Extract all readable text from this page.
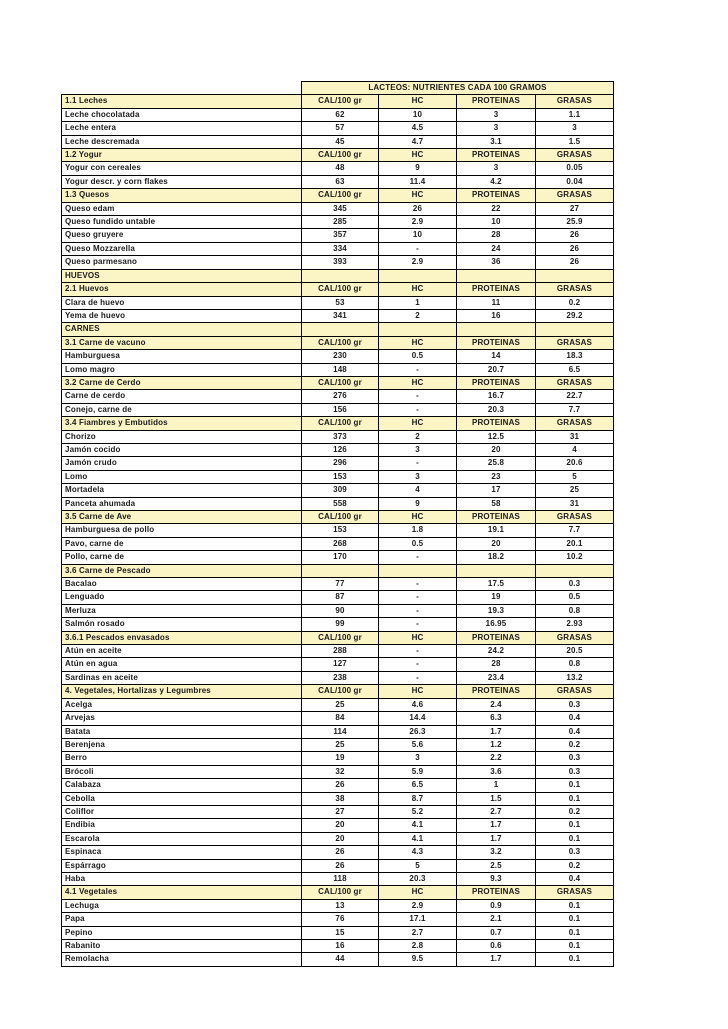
	LACTEOS: NUTRIENTES CADA 100 GRAMOS			
1.1 Leches	CAL/100 gr	HC	PROTEINAS	GRASAS
Leche chocolatada	62	10	3	1.1
Leche entera	57	4.5	3	3
Leche descremada	45	4.7	3.1	1.5
1.2 Yogur	CAL/100 gr	HC	PROTEINAS	GRASAS
Yogur con cereales	48	9	3	0.05
Yogur descr. y corn flakes	63	11.4	4.2	0.04
1.3 Quesos	CAL/100 gr	HC	PROTEINAS	GRASAS
Queso edam	345	26	22	27
Queso fundido untable	285	2.9	10	25.9
Queso gruyere	357	10	28	26
Queso Mozzarella	334	-	24	26
Queso parmesano	393	2.9	36	26
HUEVOS				
2.1 Huevos	CAL/100 gr	HC	PROTEINAS	GRASAS
Clara de huevo	53	1	11	0.2
Yema de huevo	341	2	16	29.2
CARNES				
3.1 Carne de vacuno	CAL/100 gr	HC	PROTEINAS	GRASAS
Hamburguesa	230	0.5	14	18.3
Lomo magro	148	-	20.7	6.5
3.2 Carne de Cerdo	CAL/100 gr	HC	PROTEINAS	GRASAS
Carne de cerdo	276	-	16.7	22.7
Conejo, carne de	156	-	20.3	7.7
3.4 Fiambres y Embutidos	CAL/100 gr	HC	PROTEINAS	GRASAS
Chorizo	373	2	12.5	31
Jamón cocido	126	3	20	4
Jamón crudo	296	-	25.8	20.6
Lomo	153	3	23	5
Mortadela	309	4	17	25
Panceta ahumada	558	9	58	31
3.5 Carne de Ave	CAL/100 gr	HC	PROTEINAS	GRASAS
Hamburguesa de pollo	153	1.8	19.1	7.7
Pavo, carne de	268	0.5	20	20.1
Pollo, carne de	170	-	18.2	10.2
3.6 Carne de Pescado				
Bacalao	77	-	17.5	0.3
Lenguado	87	-	19	0.5
Merluza	90	-	19.3	0.8
Salmón rosado	99	-	16.95	2.93
3.6.1 Pescados envasados	CAL/100 gr	HC	PROTEINAS	GRASAS
Atún en aceite	288	-	24.2	20.5
Atún en agua	127	-	28	0.8
Sardinas en aceite	238	-	23.4	13.2
4. Vegetales, Hortalizas y Legumbres	CAL/100 gr	HC	PROTEINAS	GRASAS
Acelga	25	4.6	2.4	0.3
Arvejas	84	14.4	6.3	0.4
Batata	114	26.3	1.7	0.4
Berenjena	25	5.6	1.2	0.2
Berro	19	3	2.2	0.3
Brócoli	32	5.9	3.6	0.3
Calabaza	26	6.5	1	0.1
Cebolla	38	8.7	1.5	0.1
Coliflor	27	5.2	2.7	0.2
Endibia	20	4.1	1.7	0.1
Escarola	20	4.1	1.7	0.1
Espinaca	26	4.3	3.2	0.3
Espárrago	26	5	2.5	0.2
Haba	118	20.3	9.3	0.4
4.1 Vegetales	CAL/100 gr	HC	PROTEINAS	GRASAS
Lechuga	13	2.9	0.9	0.1
Papa	76	17.1	2.1	0.1
Pepino	15	2.7	0.7	0.1
Rabanito	16	2.8	0.6	0.1
Remolacha	44	9.5	1.7	0.1
